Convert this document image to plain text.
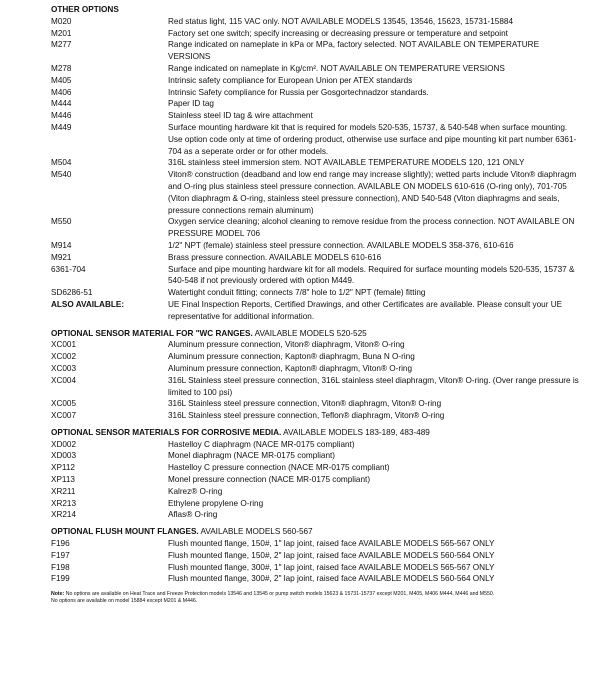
OTHER OPTIONS
M020	Red status light, 115 VAC only. NOT AVAILABLE MODELS 13545, 13546, 15623, 15731-15884
M201	Factory set one switch; specify increasing or decreasing pressure or temperature and setpoint
M277	Range indicated on nameplate in kPa or MPa, factory selected. NOT AVAILABLE ON TEMPERATURE VERSIONS
M278	Range indicated on nameplate in Kg/cm². NOT AVAILABLE ON TEMPERATURE VERSIONS
M405	Intrinsic safety compliance for European Union per ATEX standards
M406	Intrinsic Safety compliance for Russia per Gosgortechnadzor standards.
M444	Paper ID tag
M446	Stainless steel ID tag & wire attachment
M449	Surface mounting hardware kit that is required for models 520-535, 15737, & 540-548 when surface mounting. Use option code only at time of ordering product, otherwise use surface and pipe mounting kit part number 6361-704 as a seperate order or for other models.
M504	316L stainless steel immersion stem. NOT AVAILABLE TEMPERATURE MODELS 120, 121 ONLY
M540	Viton® construction (deadband and low end range may increase slightly); wetted parts include Viton® diaphragm and O-ring plus stainless steel pressure connection. AVAILABLE ON MODELS 610-616 (O-ring only), 701-705 (Viton diaphragm & O-ring, stainless steel pressure connection), AND 540-548 (Viton diaphragms and seals, pressure connections remain aluminum)
M550	Oxygen service cleaning; alcohol cleaning to remove residue from the process connection. NOT AVAILABLE ON PRESSURE MODEL 706
M914	1/2" NPT (female) stainless steel pressure connection. AVAILABLE MODELS 358-376, 610-616
M921	Brass pressure connection. AVAILABLE MODELS 610-616
6361-704	Surface and pipe mounting hardware kit for all models. Required for surface mounting models 520-535, 15737 & 540-548 if not previously ordered with option M449.
SD6286-51	Watertight conduit fitting; connects 7/8" hole to 1/2" NPT (female) fitting
ALSO AVAILABLE:	UE Final Inspection Reports, Certified Drawings, and other Certificates are available. Please consult your UE representative for additional information.
OPTIONAL SENSOR MATERIAL FOR "WC RANGES. AVAILABLE MODELS 520-525
XC001	Aluminum pressure connection, Viton® diaphragm, Viton® O-ring
XC002	Aluminum pressure connection, Kapton® diaphragm, Buna N O-ring
XC003	Aluminum pressure connection, Kapton® diaphragm, Viton® O-ring
XC004	316L Stainless steel pressure connection, 316L stainless steel diaphragm, Viton® O-ring. (Over range pressure is limited to 100 psi)
XC005	316L Stainless steel pressure connection, Viton® diaphragm, Viton® O-ring
XC007	316L Stainless steel pressure connection, Teflon® diaphragm, Viton® O-ring
OPTIONAL SENSOR MATERIALS FOR CORROSIVE MEDIA. AVAILABLE MODELS 183-189, 483-489
XD002	Hastelloy C diaphragm (NACE MR-0175 compliant)
XD003	Monel diaphragm (NACE MR-0175 compliant)
XP112	Hastelloy C pressure connection (NACE MR-0175 compliant)
XP113	Monel pressure connection (NACE MR-0175 compliant)
XR211	Kalrez® O-ring
XR213	Ethylene propylene O-ring
XR214	Aflas® O-ring
OPTIONAL FLUSH MOUNT FLANGES. AVAILABLE MODELS 560-567
F196	Flush mounted flange, 150#, 1" lap joint, raised face AVAILABLE MODELS 565-567 ONLY
F197	Flush mounted flange, 150#, 2" lap joint, raised face AVAILABLE MODELS 560-564 ONLY
F198	Flush mounted flange, 300#, 1" lap joint, raised face AVAILABLE MODELS 565-567 ONLY
F199	Flush mounted flange, 300#, 2" lap joint, raised face AVAILABLE MODELS 560-564 ONLY
Note: No options are available on Heat Trace and Freeze Protection models 13546 and 13545 or pump switch models 15623 & 15731-15737 except M201, M405, M406 M444, M446 and M550.
No options are available on model 15884 except M201 & M446.
